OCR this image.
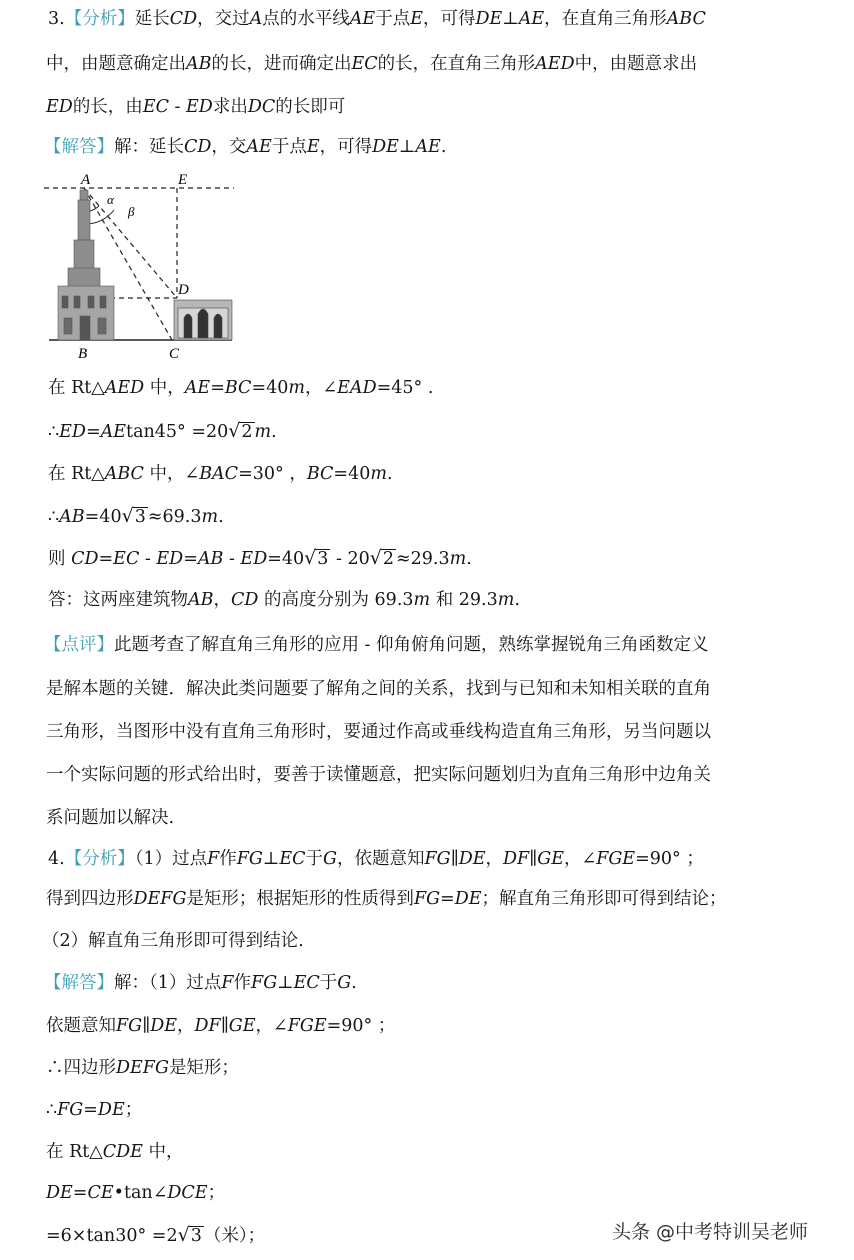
3.【分析】延长CD，交过A点的水平线AE于点E，可得DE⊥AE，在直角三角形ABC
中，由题意确定出AB的长，进而确定出EC的长，在直角三角形AED中，由题意求出
ED的长，由EC - ED求出DC的长即可
【解答】解：延长CD，交AE于点E，可得DE⊥AE.
A	E
D
B	C
α
β
在 Rt△AED 中，AE=BC=40m，∠EAD=45° .
∴ED=AEtan45° =20√2 m.
在 Rt△ABC 中，∠BAC=30° ，BC=40m.
∴AB=40√3 ≈69.3m.
则 CD=EC - ED=AB - ED=40√3 - 20√2 ≈29.3m.
答：这两座建筑物AB，CD 的高度分别为 69.3m 和 29.3m.
【点评】此题考查了解直角三角形的应用 - 仰角俯角问题，熟练掌握锐角三角函数定义
是解本题的关键．解决此类问题要了解角之间的关系，找到与已知和未知相关联的直角
三角形，当图形中没有直角三角形时，要通过作高或垂线构造直角三角形，另当问题以
一个实际问题的形式给出时，要善于读懂题意，把实际问题划归为直角三角形中边角关
系问题加以解决.
4.【分析】（1）过点F作FG⊥EC于G，依题意知FG∥DE，DF∥GE，∠FGE=90° ；
得到四边形DEFG是矩形；根据矩形的性质得到FG=DE；解直角三角形即可得到结论；
（2）解直角三角形即可得到结论.
【解答】解：（1）过点F作FG⊥EC于G.
依题意知FG∥DE，DF∥GE，∠FGE=90° ；
∴四边形DEFG是矩形；
∴FG=DE；
在 Rt△CDE 中，
DE=CE•tan∠DCE；
=6×tan30° =2√3 （米）；	头条 @中考特训吴老师
